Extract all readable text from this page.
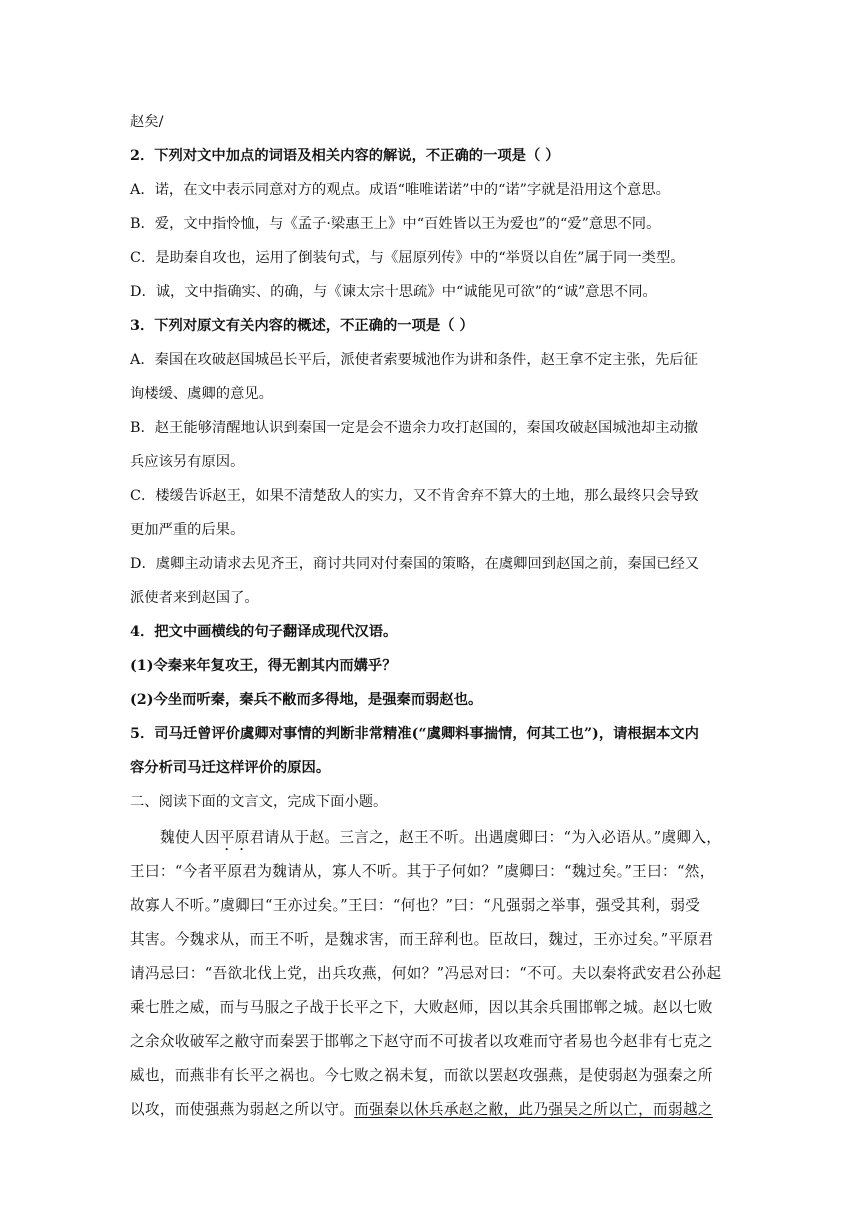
赵矣/
2．下列对文中加点的词语及相关内容的解说，不正确的一项是（ ）
A．诺，在文中表示同意对方的观点。成语“唯唯诺诺”中的“诺”字就是沿用这个意思。
B．爱，文中指怜恤，与《孟子·梁惠王上》中“百姓皆以王为爱也”的“爱”意思不同。
C．是助秦自攻也，运用了倒装句式，与《屈原列传》中的“举贤以自佐”属于同一类型。
D．诚，文中指确实、的确，与《谏太宗十思疏》中“诚能见可欲”的“诚”意思不同。
3．下列对原文有关内容的概述，不正确的一项是（ ）
A．秦国在攻破赵国城邑长平后，派使者索要城池作为讲和条件，赵王拿不定主张，先后征
询楼缓、虞卿的意见。
B．赵王能够清醒地认识到秦国一定是会不遗余力攻打赵国的，秦国攻破赵国城池却主动撤
兵应该另有原因。
C．楼缓告诉赵王，如果不清楚敌人的实力，又不肯舍弃不算大的土地，那么最终只会导致
更加严重的后果。
D．虞卿主动请求去见齐王，商讨共同对付秦国的策略，在虞卿回到赵国之前，秦国已经又
派使者来到赵国了。
4．把文中画横线的句子翻译成现代汉语。
(1)令秦来年复攻王，得无割其内而媾乎？
(2)今坐而听秦，秦兵不敝而多得地，是强秦而弱赵也。
5．司马迁曾评价虞卿对事情的判断非常精准(“虞卿料事揣情，何其工也”)，请根据本文内
容分析司马迁这样评价的原因。
二、阅读下面的文言文，完成下面小题。
魏使人因平原君请从于赵。三言之，赵王不听。出遇虞卿曰：“为入必语从。”虞卿入，
王曰：“今者平原君为魏请从，寡人不听。其于子何如？”虞卿曰：“魏过矣。”王曰：“然，
故寡人不听。”虞卿曰“王亦过矣。”王曰：“何也？”曰：“凡强弱之举事，强受其利，弱受
其害。今魏求从，而王不听，是魏求害，而王辞利也。臣故曰，魏过，王亦过矣。”平原君
请冯忌曰：“吾欲北伐上党，出兵攻燕，何如？”冯忌对曰：“不可。夫以秦将武安君公孙起
乘七胜之威，而与马服之子战于长平之下，大败赵师，因以其余兵围邯郸之城。赵以七败
之余众收破军之敝守而秦罢于邯郸之下赵守而不可拔者以攻难而守者易也今赵非有七克之
威也，而燕非有长平之祸也。今七败之祸未复，而欲以罢赵攻强燕，是使弱赵为强秦之所
以攻，而使强燕为弱赵之所以守。而强秦以休兵承赵之敝，此乃强吴之所以亡，而弱越之
